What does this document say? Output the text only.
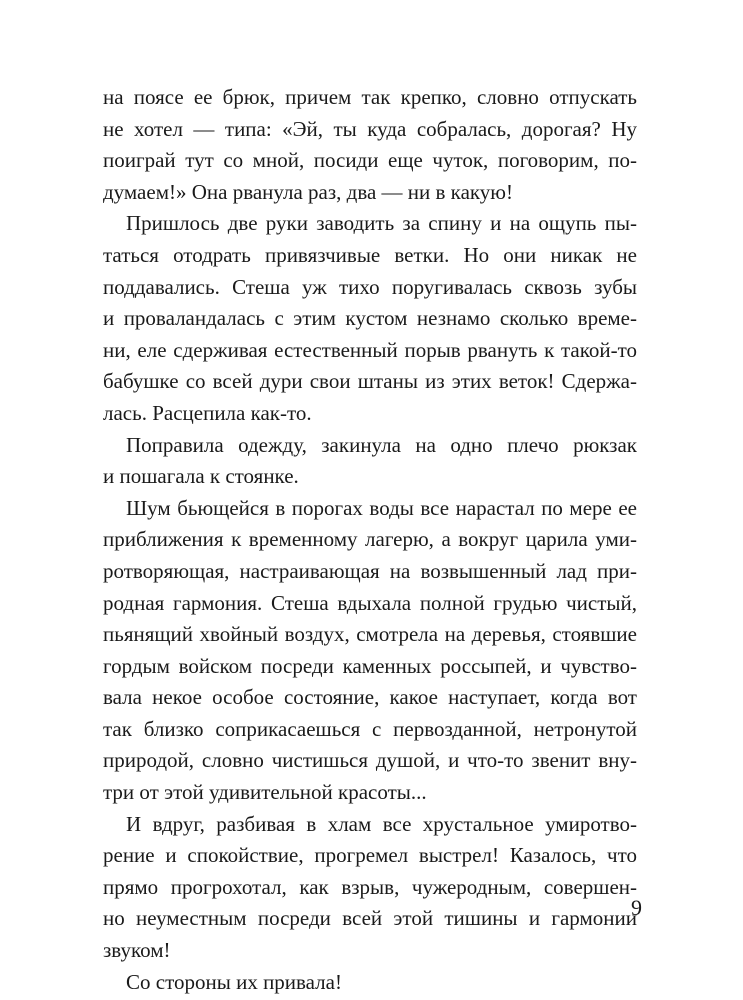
на поясе ее брюк, причем так крепко, словно отпускать
не хотел — типа: «Эй, ты куда собралась, дорогая? Ну
поиграй тут со мной, посиди еще чуток, поговорим, по-
думаем!» Она рванула раз, два — ни в какую!
Пришлось две руки заводить за спину и на ощупь пы-
таться отодрать привязчивые ветки. Но они никак не
поддавались. Стеша уж тихо поругивалась сквозь зубы
и проваландалась с этим кустом незнамо сколько време-
ни, еле сдерживая естественный порыв рвануть к такой-то
бабушке со всей дури свои штаны из этих веток! Сдержа-
лась. Расцепила как-то.
Поправила одежду, закинула на одно плечо рюкзак
и пошагала к стоянке.
Шум бьющейся в порогах воды все нарастал по мере ее
приближения к временному лагерю, а вокруг царила уми-
ротворяющая, настраивающая на возвышенный лад при-
родная гармония. Стеша вдыхала полной грудью чистый,
пьянящий хвойный воздух, смотрела на деревья, стоявшие
гордым войском посреди каменных россыпей, и чувство-
вала некое особое состояние, какое наступает, когда вот
так близко соприкасаешься с первозданной, нетронутой
природой, словно чистишься душой, и что-то звенит вну-
три от этой удивительной красоты...
И вдруг, разбивая в хлам все хрустальное умиротво-
рение и спокойствие, прогремел выстрел! Казалось, что
прямо прогрохотал, как взрыв, чужеродным, совершен-
но неуместным посреди всей этой тишины и гармонии
звуком!
Со стороны их привала!
9
